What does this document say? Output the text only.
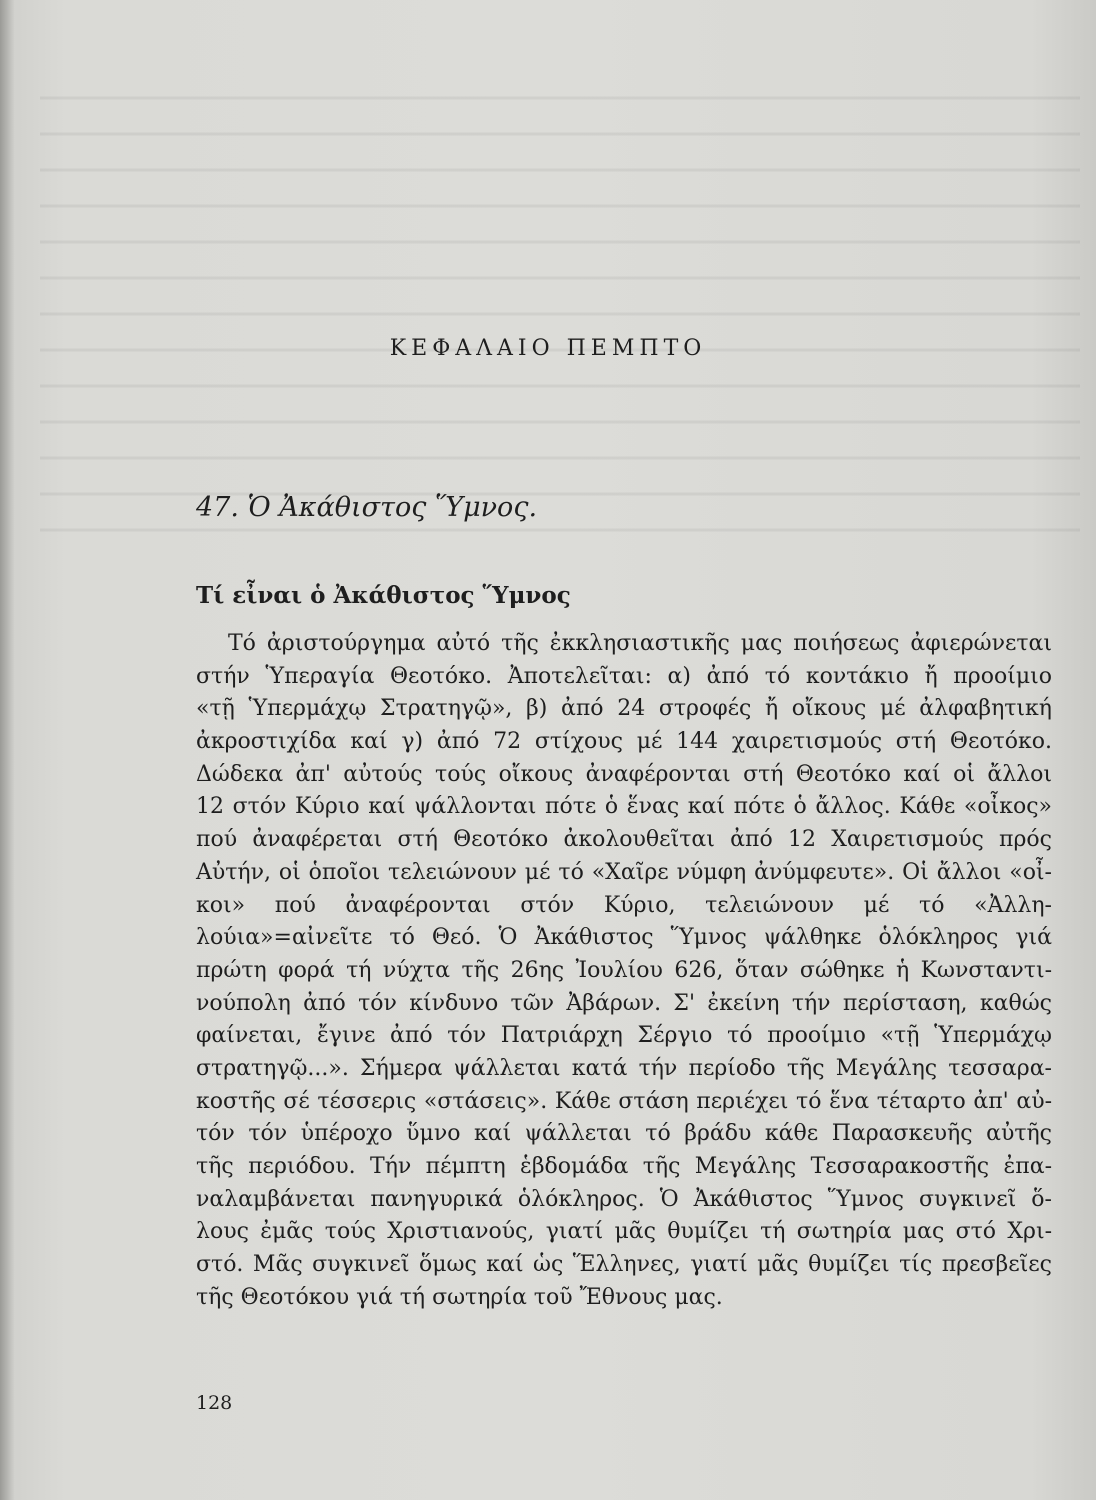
ΚΕΦΑΛΑΙΟ ΠΕΜΠΤΟ
47. Ὁ Ἀκάθιστος Ὕμνος.
Τί εἶναι ὁ Ἀκάθιστος Ὕμνος
Τό ἀριστούργημα αὐτό τῆς ἐκκλησιαστικῆς μας ποιήσεως ἀφιερώνεται
στήν Ὑπεραγία Θεοτόκο. Ἀποτελεῖται: α) ἀπό τό κοντάκιο ἤ προοίμιο
«τῇ Ὑπερμάχῳ Στρατηγῷ», β) ἀπό 24 στροφές ἤ οἴκους μέ ἀλφαβητική
ἀκροστιχίδα καί γ) ἀπό 72 στίχους μέ 144 χαιρετισμούς στή Θεοτόκο.
Δώδεκα ἀπ' αὐτούς τούς οἴκους ἀναφέρονται στή Θεοτόκο καί οἱ ἄλλοι
12 στόν Κύριο καί ψάλλονται πότε ὁ ἕνας καί πότε ὁ ἄλλος. Κάθε «οἶκος»
πού ἀναφέρεται στή Θεοτόκο ἀκολουθεῖται ἀπό 12 Χαιρετισμούς πρός
Αὐτήν, οἱ ὁποῖοι τελειώνουν μέ τό «Χαῖρε νύμφη ἀνύμφευτε». Οἱ ἄλλοι «οἶ-
κοι» πού ἀναφέρονται στόν Κύριο, τελειώνουν μέ τό «Ἀλλη-
λούια»=αἰνεῖτε τό Θεό. Ὁ Ἀκάθιστος Ὕμνος ψάλθηκε ὁλόκληρος γιά
πρώτη φορά τή νύχτα τῆς 26ης Ἰουλίου 626, ὅταν σώθηκε ἡ Κωνσταντι-
νούπολη ἀπό τόν κίνδυνο τῶν Ἀβάρων. Σ' ἐκείνη τήν περίσταση, καθώς
φαίνεται, ἔγινε ἀπό τόν Πατριάρχη Σέργιο τό προοίμιο «τῇ Ὑπερμάχῳ
στρατηγῷ...». Σήμερα ψάλλεται κατά τήν περίοδο τῆς Μεγάλης τεσσαρα-
κοστῆς σέ τέσσερις «στάσεις». Κάθε στάση περιέχει τό ἕνα τέταρτο ἀπ' αὐ-
τόν τόν ὑπέροχο ὕμνο καί ψάλλεται τό βράδυ κάθε Παρασκευῆς αὐτῆς
τῆς περιόδου. Τήν πέμπτη ἑβδομάδα τῆς Μεγάλης Τεσσαρακοστῆς ἐπα-
ναλαμβάνεται πανηγυρικά ὁλόκληρος. Ὁ Ἀκάθιστος Ὕμνος συγκινεῖ ὅ-
λους ἐμᾶς τούς Χριστιανούς, γιατί μᾶς θυμίζει τή σωτηρία μας στό Χρι-
στό. Μᾶς συγκινεῖ ὅμως καί ὡς Ἕλληνες, γιατί μᾶς θυμίζει τίς πρεσβεῖες
τῆς Θεοτόκου γιά τή σωτηρία τοῦ Ἔθνους μας.
128
